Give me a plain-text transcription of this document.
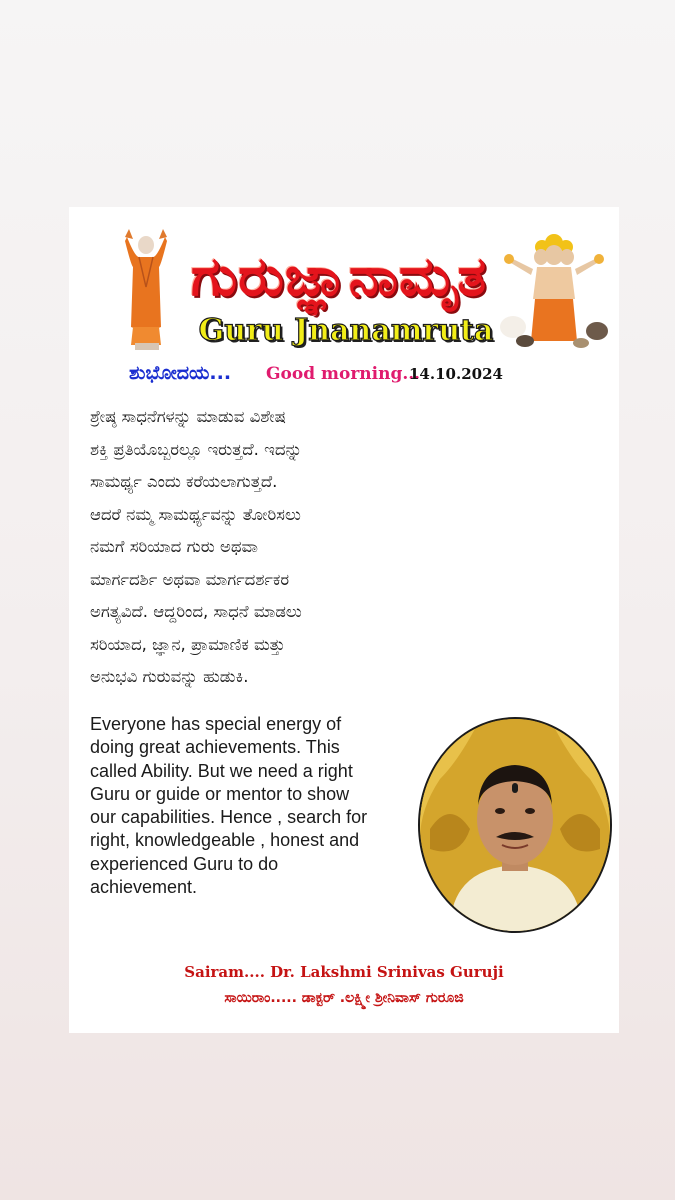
ಗುರುಜ್ಞಾನಾಮೃತ
Guru Jnanamruta
ಶುಭೋದಯ... Good morning...
14.10.2024
ಶ್ರೇಷ್ಠ ಸಾಧನೆಗಳನ್ನು ಮಾಡುವ ವಿಶೇಷ
ಶಕ್ತಿ ಪ್ರತಿಯೊಬ್ಬರಲ್ಲೂ ಇರುತ್ತದೆ. ಇದನ್ನು
ಸಾಮರ್ಥ್ಯ ಎಂದು ಕರೆಯಲಾಗುತ್ತದೆ.
ಆದರೆ ನಮ್ಮ ಸಾಮರ್ಥ್ಯವನ್ನು ತೋರಿಸಲು
ನಮಗೆ ಸರಿಯಾದ ಗುರು ಅಥವಾ
ಮಾರ್ಗದರ್ಶಿ ಅಥವಾ ಮಾರ್ಗದರ್ಶಕರ
ಅಗತ್ಯವಿದೆ. ಆದ್ದರಿಂದ, ಸಾಧನೆ ಮಾಡಲು
ಸರಿಯಾದ, ಜ್ಞಾನ, ಪ್ರಾಮಾಣಿಕ ಮತ್ತು
ಅನುಭವಿ ಗುರುವನ್ನು ಹುಡುಕಿ.
Everyone has special energy of
doing great achievements. This
called Ability. But we need a right
Guru or guide or mentor to show
our capabilities. Hence , search for
right, knowledgeable , honest and
experienced Guru to do
achievement.
Sairam.... Dr. Lakshmi Srinivas Guruji
ಸಾಯಿರಾಂ..... ಡಾಕ್ಟರ್ .ಲಕ್ಷ್ಮೀ ಶ್ರೀನಿವಾಸ್ ಗುರೂಜಿ
